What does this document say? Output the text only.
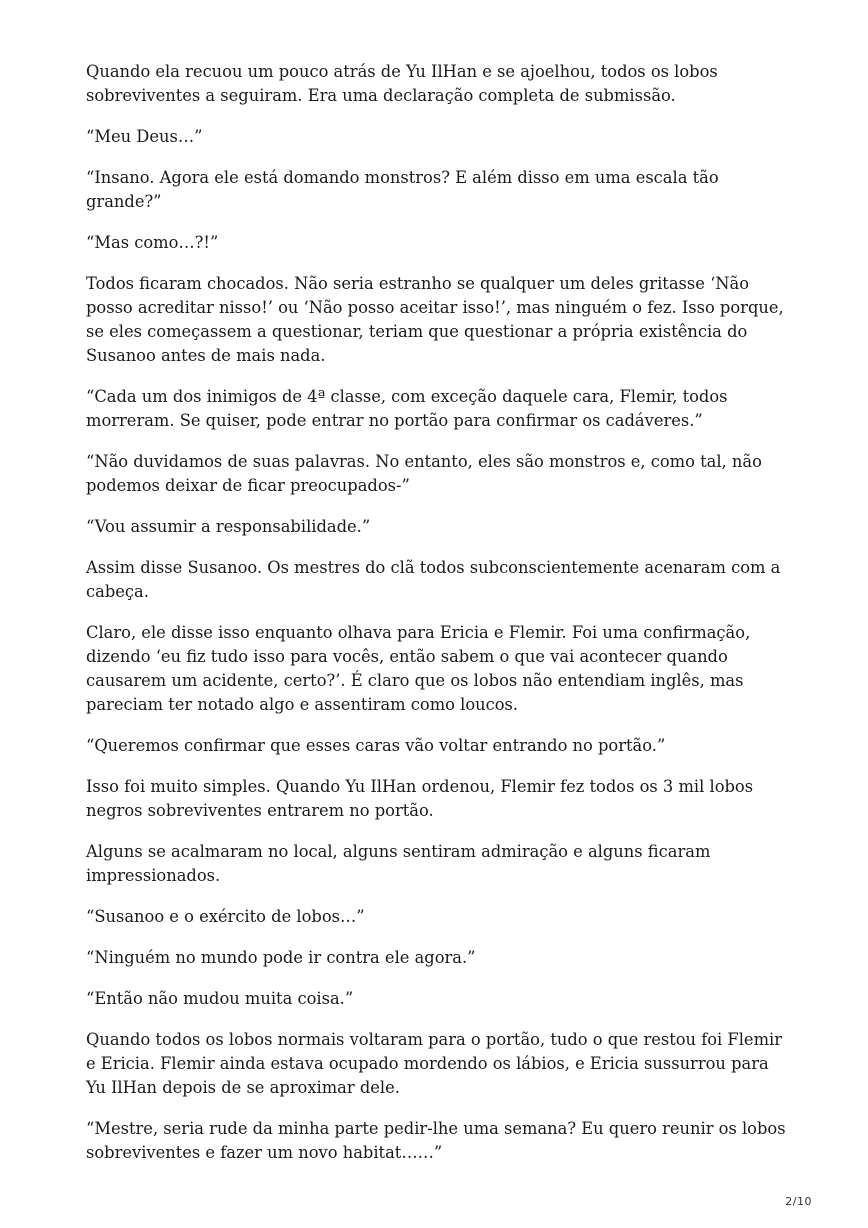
Quando ela recuou um pouco atrás de Yu IlHan e se ajoelhou, todos os lobos sobreviventes a seguiram. Era uma declaração completa de submissão.

“Meu Deus…”

“Insano. Agora ele está domando monstros? E além disso em uma escala tão grande?”

“Mas como…?!”

Todos ficaram chocados. Não seria estranho se qualquer um deles gritasse ‘Não posso acreditar nisso!’ ou ‘Não posso aceitar isso!’, mas ninguém o fez. Isso porque, se eles começassem a questionar, teriam que questionar a própria existência do Susanoo antes de mais nada.

“Cada um dos inimigos de 4ª classe, com exceção daquele cara, Flemir, todos morreram. Se quiser, pode entrar no portão para confirmar os cadáveres.”

“Não duvidamos de suas palavras. No entanto, eles são monstros e, como tal, não podemos deixar de ficar preocupados-”

“Vou assumir a responsabilidade.”

Assim disse Susanoo. Os mestres do clã todos subconscientemente acenaram com a cabeça.

Claro, ele disse isso enquanto olhava para Ericia e Flemir. Foi uma confirmação, dizendo ‘eu fiz tudo isso para vocês, então sabem o que vai acontecer quando causarem um acidente, certo?’. É claro que os lobos não entendiam inglês, mas pareciam ter notado algo e assentiram como loucos.

“Queremos confirmar que esses caras vão voltar entrando no portão.”

Isso foi muito simples. Quando Yu IlHan ordenou, Flemir fez todos os 3 mil lobos negros sobreviventes entrarem no portão.

Alguns se acalmaram no local, alguns sentiram admiração e alguns ficaram impressionados.

“Susanoo e o exército de lobos…”

“Ninguém no mundo pode ir contra ele agora.”

“Então não mudou muita coisa.”

Quando todos os lobos normais voltaram para o portão, tudo o que restou foi Flemir e Ericia. Flemir ainda estava ocupado mordendo os lábios, e Ericia sussurrou para Yu IlHan depois de se aproximar dele.

“Mestre, seria rude da minha parte pedir-lhe uma semana? Eu quero reunir os lobos sobreviventes e fazer um novo habitat……”

2/10
